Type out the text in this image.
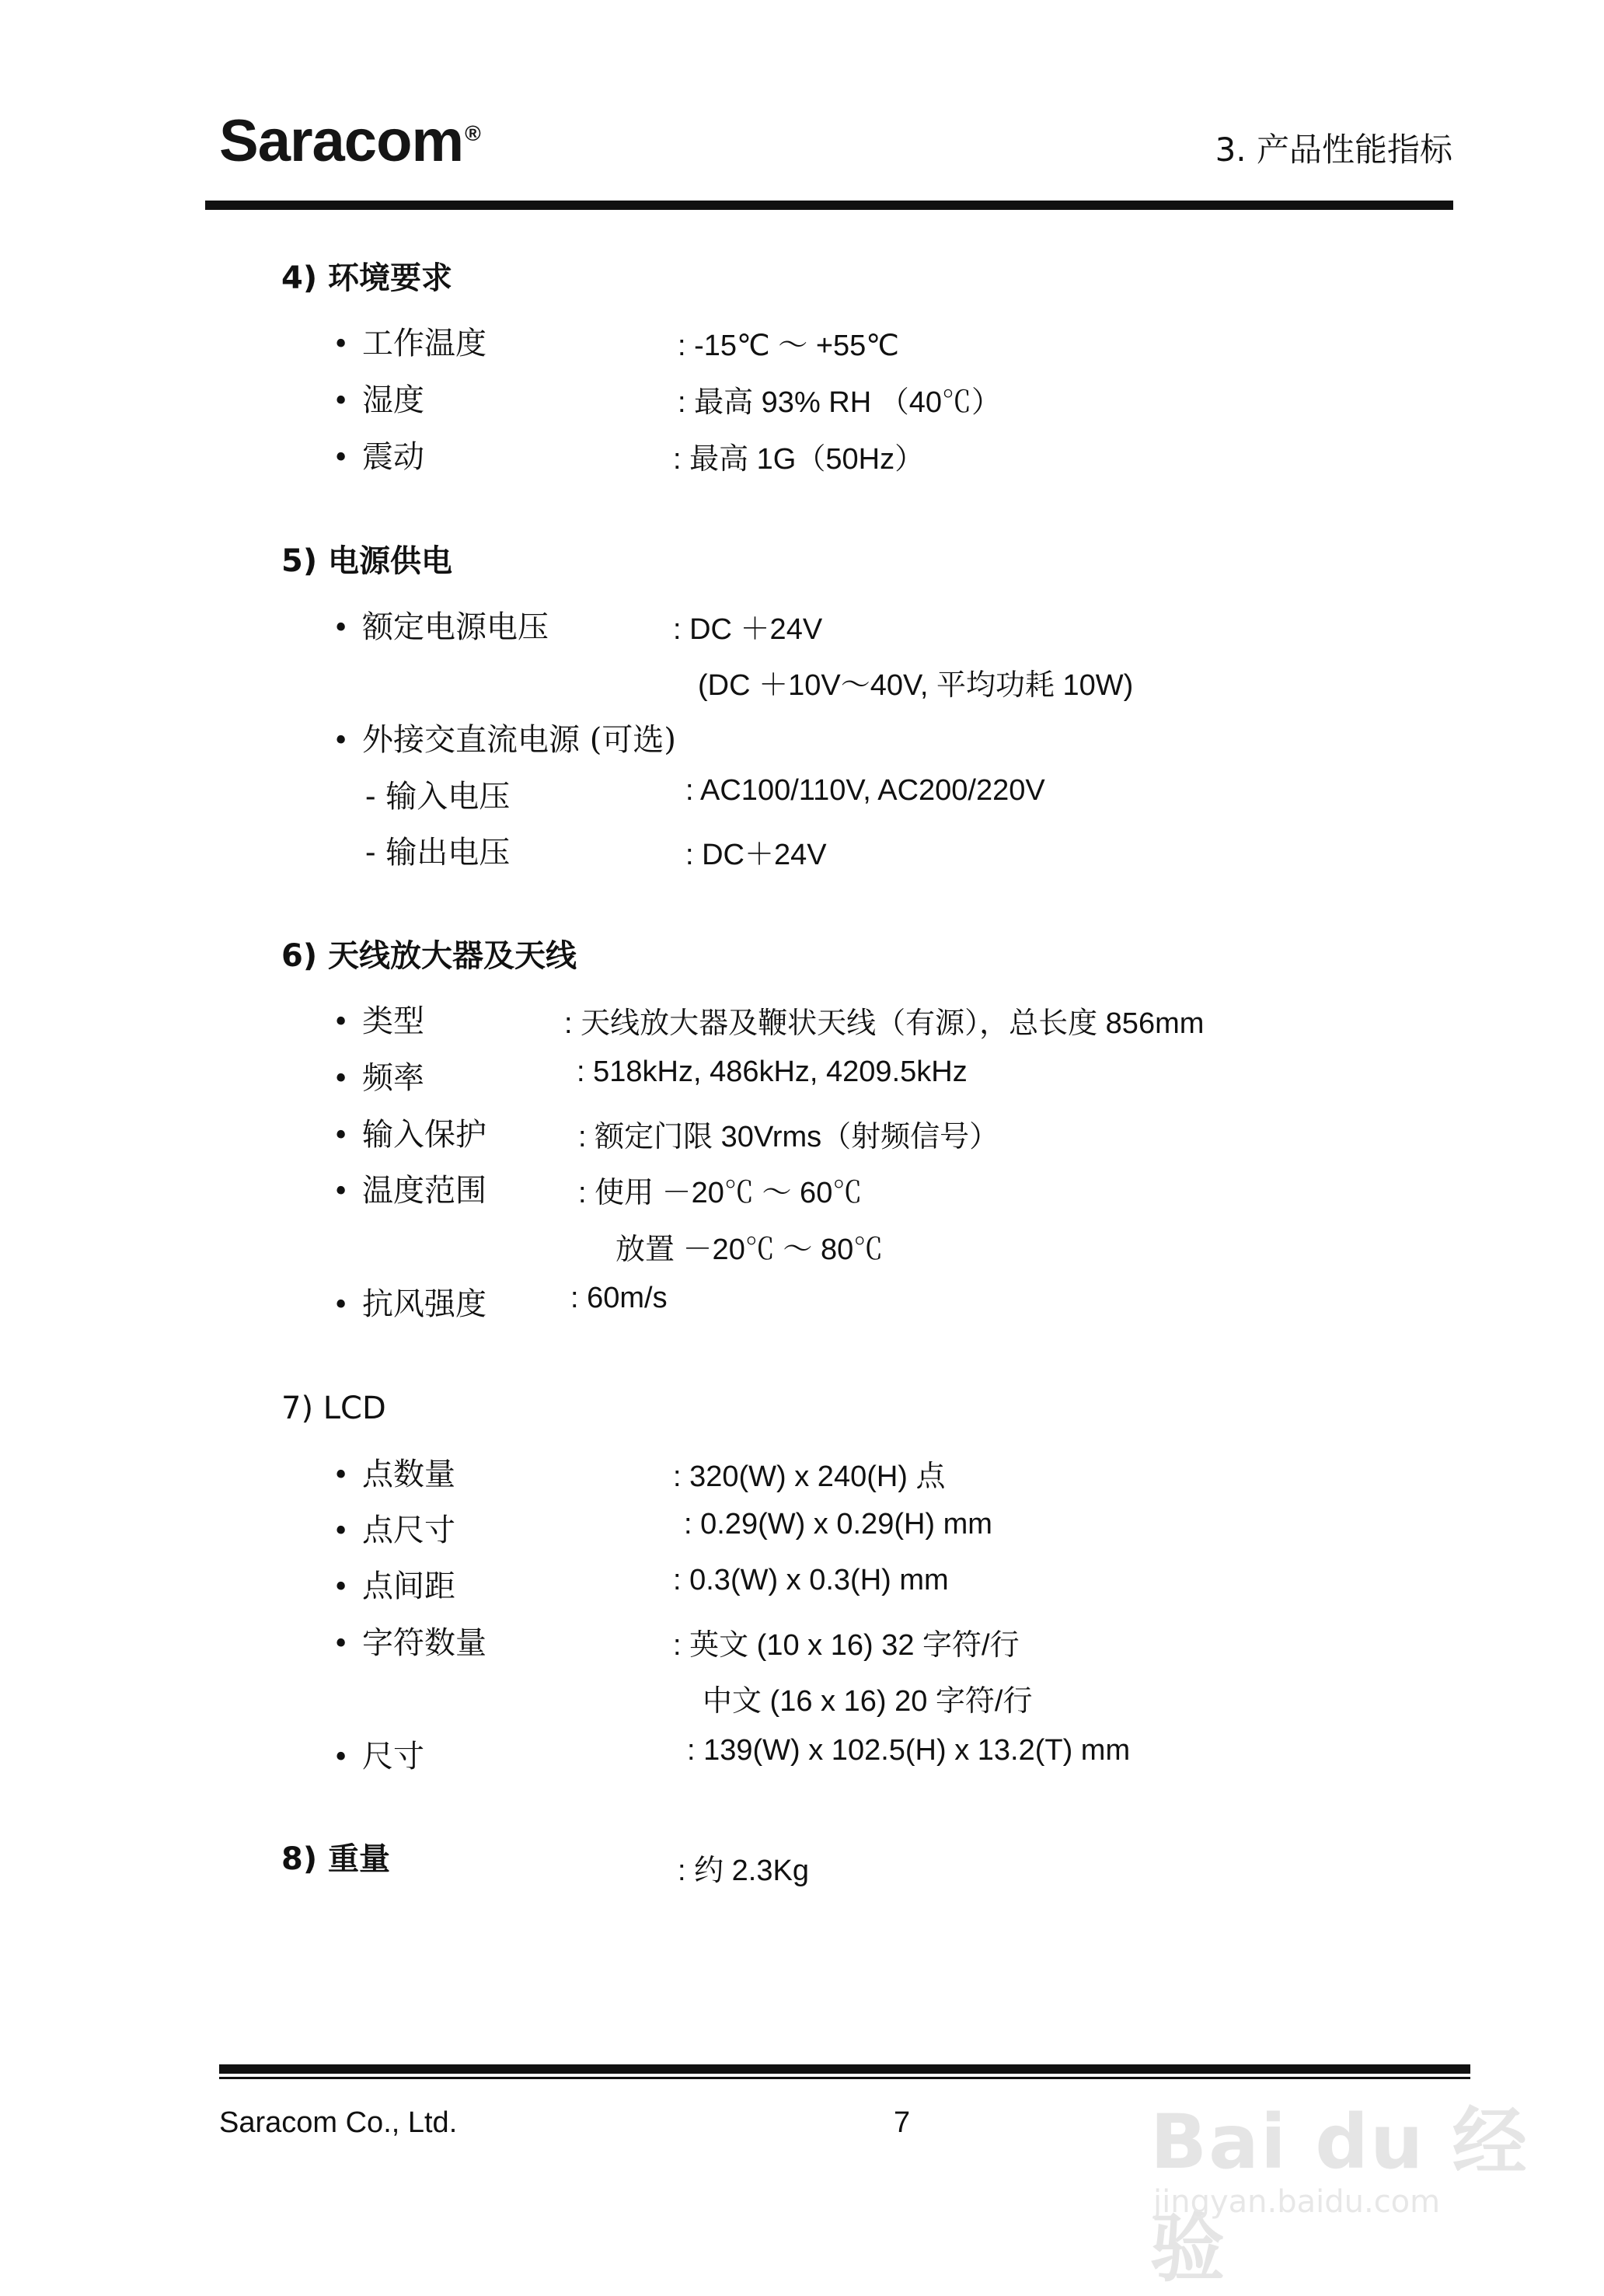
Saracom®	3. 产品性能指标
4) 环境要求
• 工作温度	: -15℃ ～ +55℃
• 湿度	: 最高 93% RH （40℃）
• 震动	: 最高 1G（50Hz）
5) 电源供电
• 额定电源电压	: DC ＋24V
(DC ＋10V～40V, 平均功耗 10W)
• 外接交直流电源 (可选)
- 输入电压	: AC100/110V, AC200/220V
- 输出电压	: DC＋24V
6) 天线放大器及天线
• 类型	: 天线放大器及鞭状天线（有源），总长度 856mm
• 频率	: 518kHz, 486kHz, 4209.5kHz
• 输入保护	: 额定门限 30Vrms（射频信号）
• 温度范围	: 使用 －20℃ ～ 60℃
放置 －20℃ ～ 80℃
• 抗风强度	: 60m/s
7) LCD
• 点数量	: 320(W) x 240(H) 点
• 点尺寸	: 0.29(W) x 0.29(H) mm
• 点间距	: 0.3(W) x 0.3(H) mm
• 字符数量	: 英文 (10 x 16) 32 字符/行
中文 (16 x 16) 20 字符/行
• 尺寸	: 139(W) x 102.5(H) x 13.2(T) mm
8) 重量	: 约 2.3Kg
Saracom Co., Ltd.	7	Bai du 经验
jingyan.baidu.com
